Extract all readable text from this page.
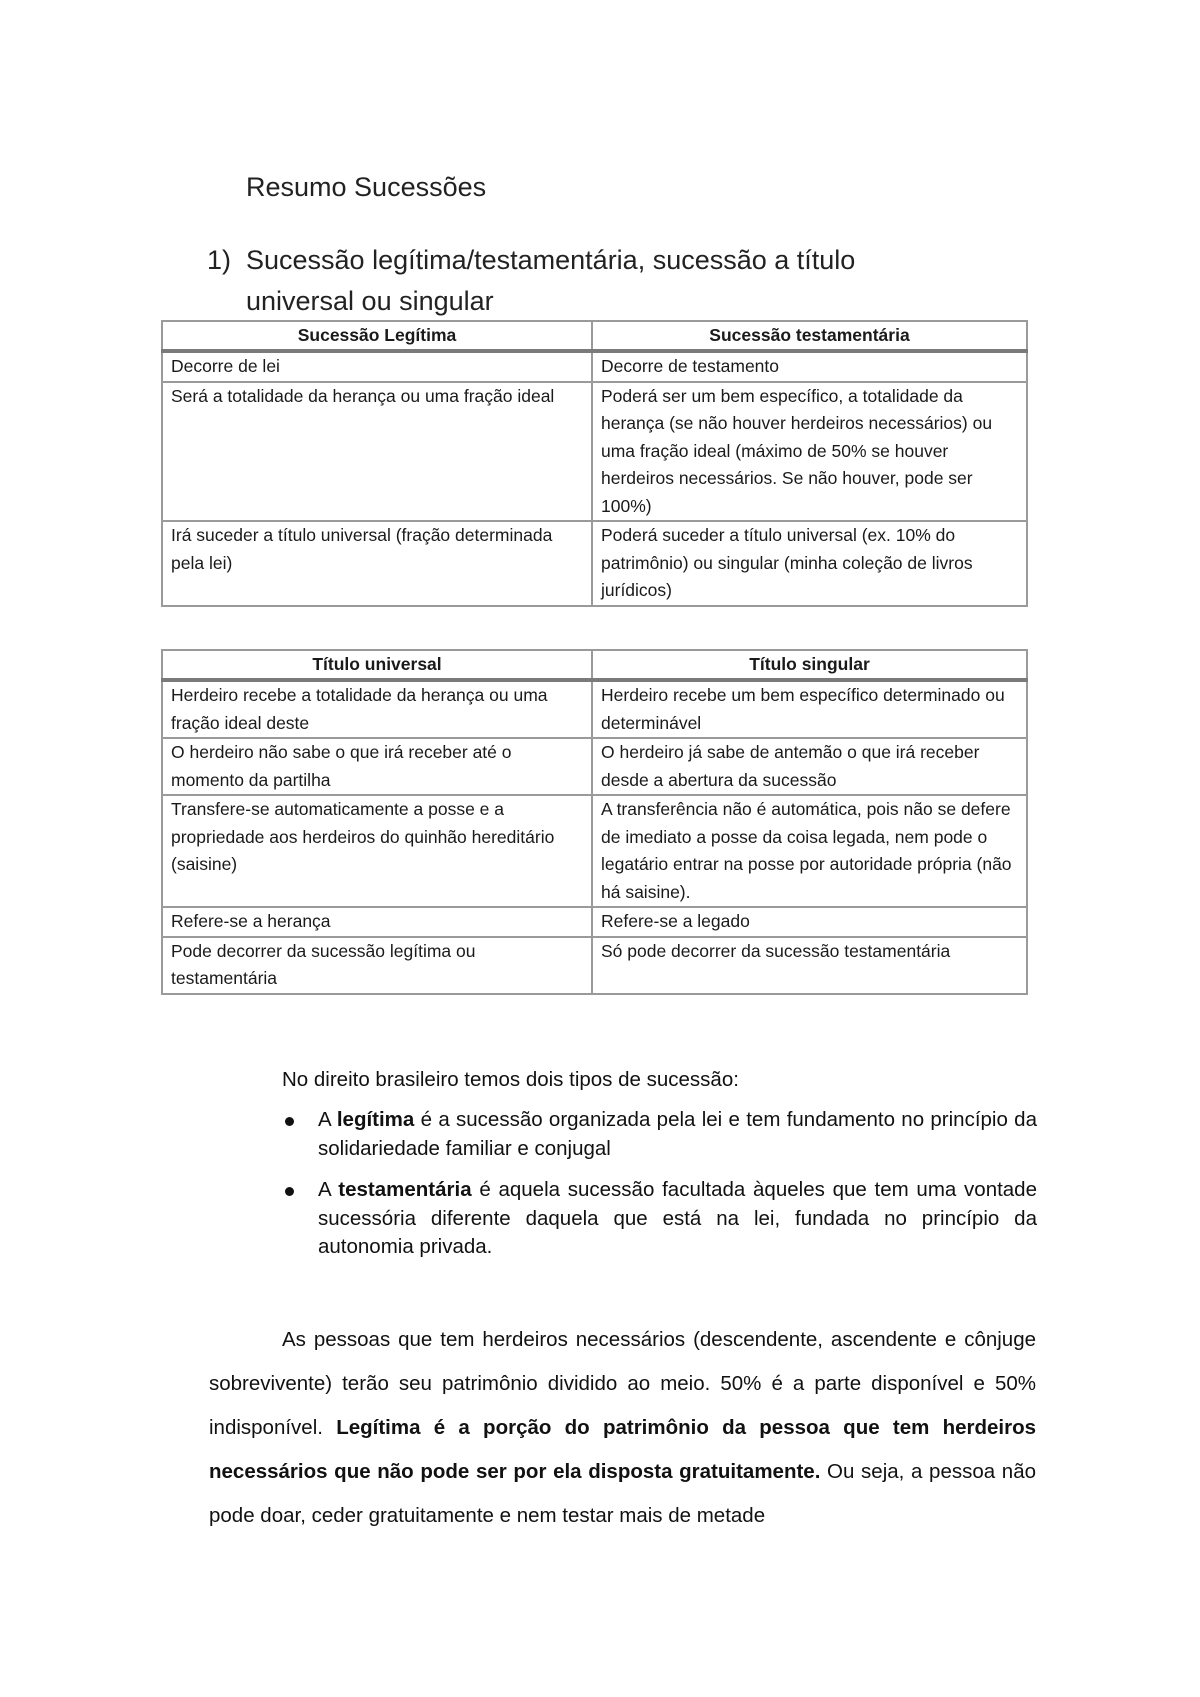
Resumo Sucessões
1) Sucessão legítima/testamentária, sucessão a título universal ou singular
Sucessão Legítima	Sucessão testamentária
Decorre de lei	Decorre de testamento
Será a totalidade da herança ou uma fração ideal	Poderá ser um bem específico, a totalidade da herança (se não houver herdeiros necessários) ou uma fração ideal (máximo de 50% se houver herdeiros necessários. Se não houver, pode ser 100%)
Irá suceder a título universal (fração determinada pela lei)	Poderá suceder a título universal (ex. 10% do patrimônio) ou singular (minha coleção de livros jurídicos)
Título universal	Título singular
Herdeiro recebe a totalidade da herança ou uma fração ideal deste	Herdeiro recebe um bem específico determinado ou determinável
O herdeiro não sabe o que irá receber até o momento da partilha	O herdeiro já sabe de antemão o que irá receber desde a abertura da sucessão
Transfere-se automaticamente a posse e a propriedade aos herdeiros do quinhão hereditário (saisine)	A transferência não é automática, pois não se defere de imediato a posse da coisa legada, nem pode o legatário entrar na posse por autoridade própria (não há saisine).
Refere-se a herança	Refere-se a legado
Pode decorrer da sucessão legítima ou testamentária	Só pode decorrer da sucessão testamentária
No direito brasileiro temos dois tipos de sucessão:
A legítima é a sucessão organizada pela lei e tem fundamento no princípio da solidariedade familiar e conjugal
A testamentária é aquela sucessão facultada àqueles que tem uma vontade sucessória diferente daquela que está na lei, fundada no princípio da autonomia privada.
As pessoas que tem herdeiros necessários (descendente, ascendente e cônjuge sobrevivente) terão seu patrimônio dividido ao meio. 50% é a parte disponível e 50% indisponível. Legítima é a porção do patrimônio da pessoa que tem herdeiros necessários que não pode ser por ela disposta gratuitamente. Ou seja, a pessoa não pode doar, ceder gratuitamente e nem testar mais de metade
